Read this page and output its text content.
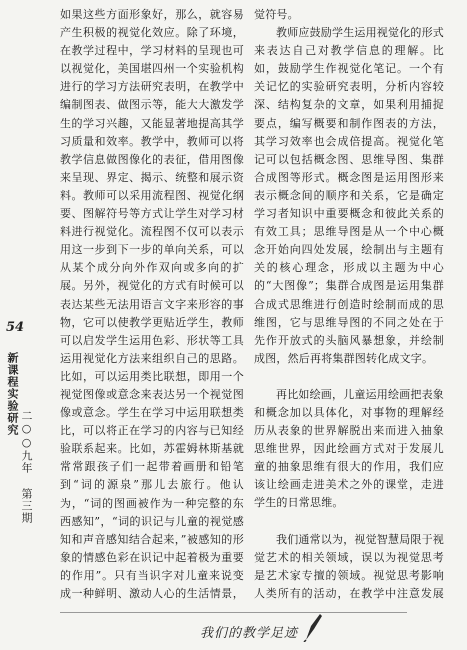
54
新课程实验研究
二○○九年 第三期

如果这些方面形象好，那么，就容易产生积极的视觉化效应。除了环境，在教学过程中，学习材料的呈现也可以视觉化，美国堪四州一个实验机构进行的学习方法研究表明，在教学中编制图表、做图示等，能大大激发学生的学习兴趣，又能显著地提高其学习质量和效率。教学中，教师可以将教学信息做图像化的表征，借用图像来呈现、界定、揭示、统整和展示资料。教师可以采用流程图、视觉化纲要、图解符号等方式让学生对学习材料进行视觉化。流程图不仅可以表示用这一步到下一步的单向关系，可以从某个成分向外作双向或多向的扩展。另外，视觉化的方式有时候可以表达某些无法用语言文字来形容的事物，它可以使教学更贴近学生，教师可以启发学生运用色彩、形状等工具运用视觉化方法来组织自己的思路。比如，可以运用类比联想，即用一个视觉图像或意念来表达另一个视觉图像或意念。学生在学习中运用联想类比，可以将正在学习的内容与已知经验联系起来。比如，苏霍姆林斯基就常常跟孩子们一起带着画册和铅笔到“词的源泉”那儿去旅行。他认为，“词的图画被作为一种完整的东西感知”，“词的识记与儿童的视觉感知和声音感知结合起来，”被感知的形象的情感色彩在识记中起着极为重要的作用”。只有当识字对儿童来说变成一种鲜明、激动人心的生活情景，

觉符号。

教师应鼓励学生运用视觉化的形式来表达自己对教学信息的理解。比如，鼓励学生作视觉化笔记。一个有关记忆的实验研究表明，分析内容较深、结构复杂的文章，如果利用捕捉要点，编写概要和制作图表的方法，其学习效率也会成倍提高。视觉化笔记可以包括概念图、思维导图、集群合成图等形式。概念图是运用图形来表示概念间的顺序和关系，它是确定学习者知识中重要概念和彼此关系的有效工具；思维导图是从一个中心概念开始向四处发展，绘制出与主题有关的核心理念，形成以主题为中心的“大图像”；集群合成图是运用集群合成式思维进行创造时绘制而成的思维图，它与思维导图的不同之处在于先作开放式的头脑风暴想象，并绘制成图，然后再将集群图转化成文字。

再比如绘画，儿童运用绘画把表象和概念加以具体化，对事物的理解经历从表象的世界解脱出来而进入抽象思维世界，因此绘画方式对于发展儿童的抽象思维有很大的作用，我们应该让绘画走进美术之外的课堂，走进学生的日常思维。

我们通常以为，视觉智慧局限于视觉艺术的相关领域，误以为视觉思考是艺术家专擅的领域。视觉思考影响人类所有的活动，在教学中注意发展

我们的教学足迹
